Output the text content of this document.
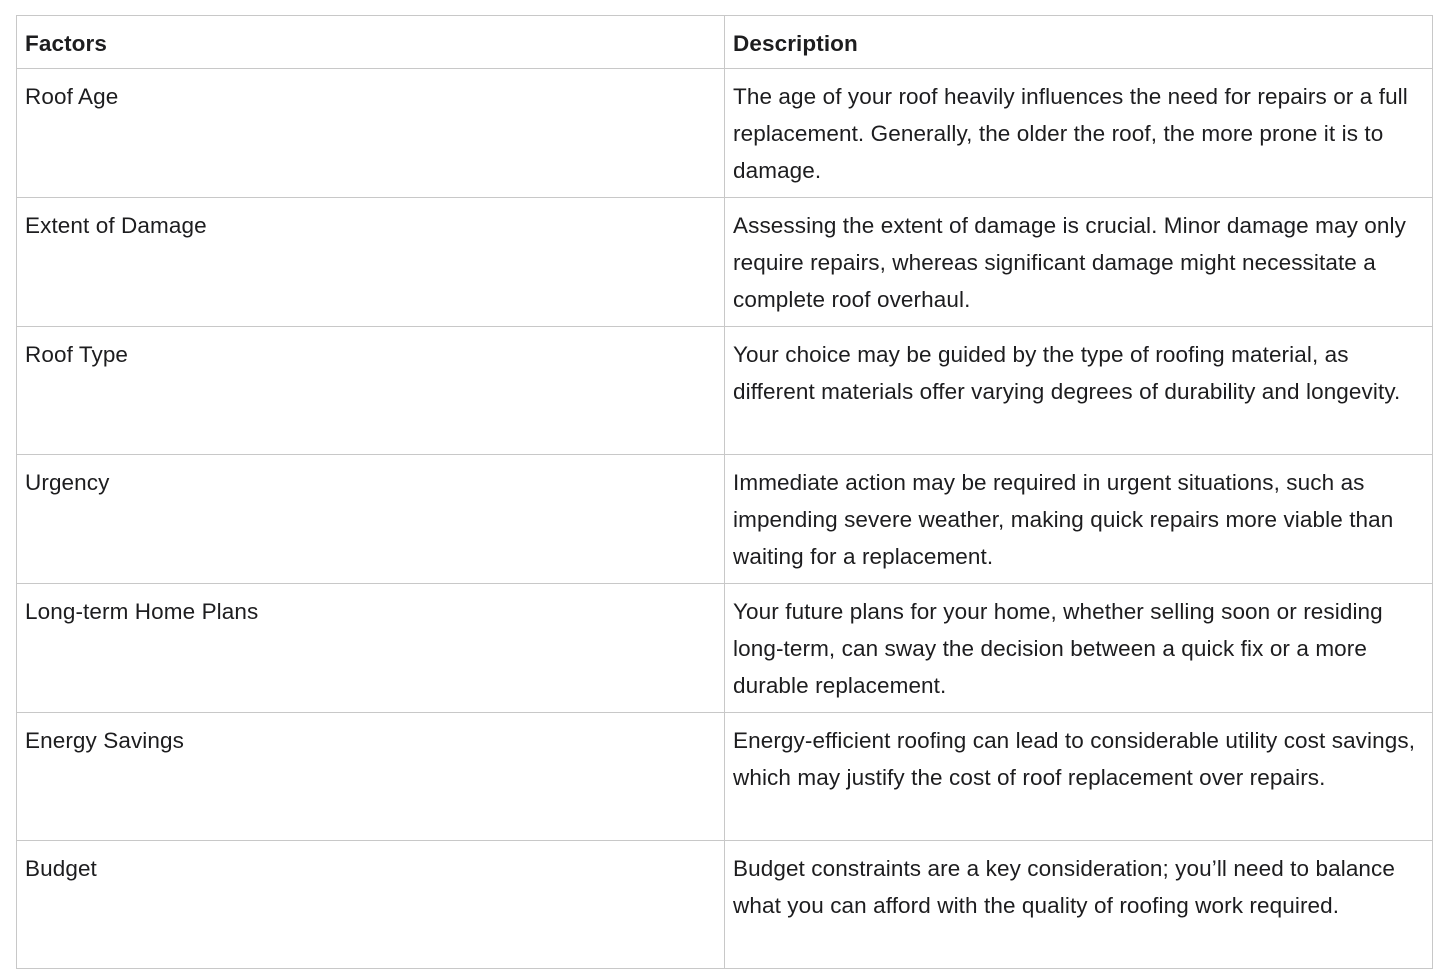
Factors	Description
Roof Age	The age of your roof heavily influences the need for repairs or a full replacement. Generally, the older the roof, the more prone it is to damage.
Extent of Damage	Assessing the extent of damage is crucial. Minor damage may only require repairs, whereas significant damage might necessitate a complete roof overhaul.
Roof Type	Your choice may be guided by the type of roofing material, as different materials offer varying degrees of durability and longevity.
Urgency	Immediate action may be required in urgent situations, such as impending severe weather, making quick repairs more viable than waiting for a replacement.
Long-term Home Plans	Your future plans for your home, whether selling soon or residing long-term, can sway the decision between a quick fix or a more durable replacement.
Energy Savings	Energy-efficient roofing can lead to considerable utility cost savings, which may justify the cost of roof replacement over repairs.
Budget	Budget constraints are a key consideration; you’ll need to balance what you can afford with the quality of roofing work required.
